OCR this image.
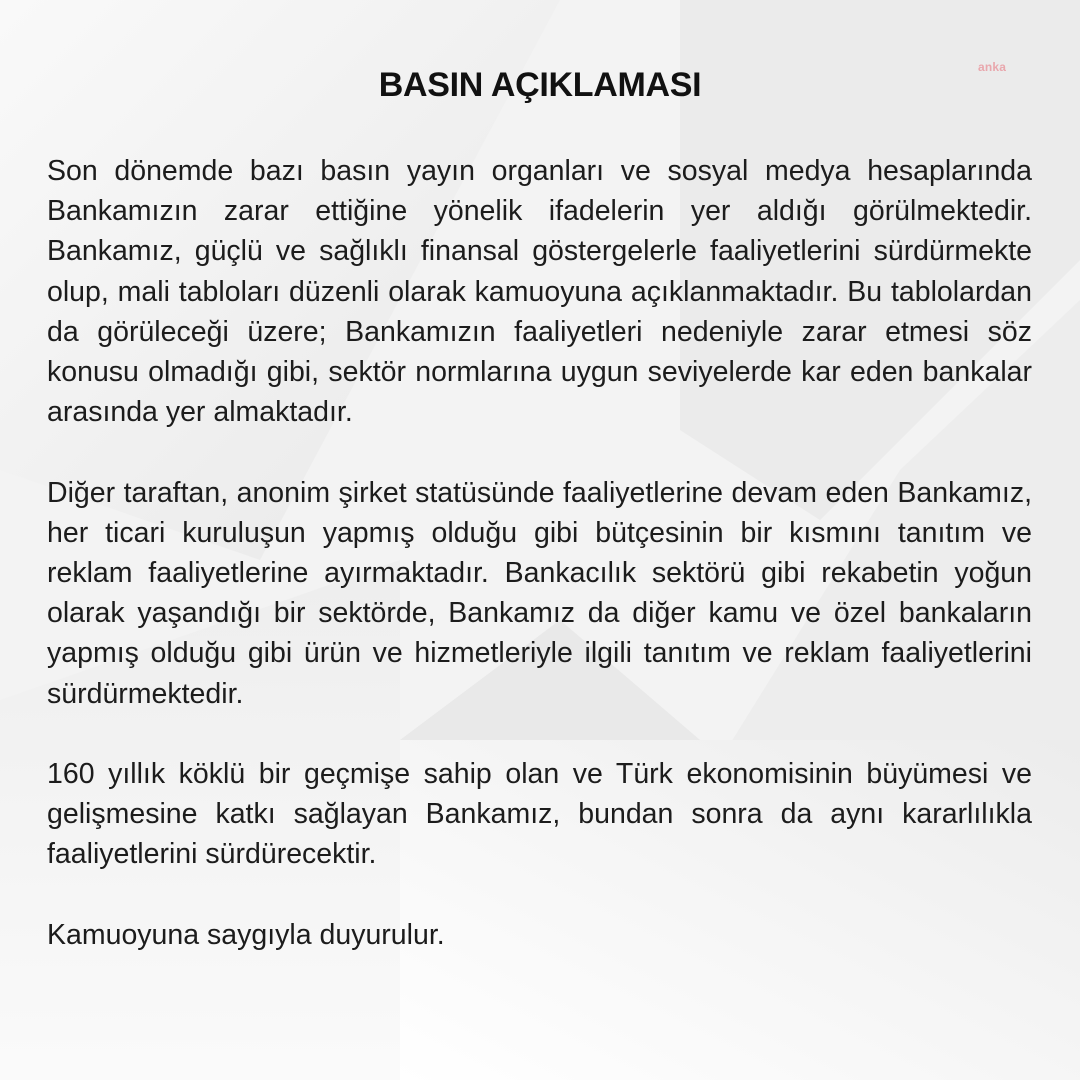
anka
BASIN AÇIKLAMASI

Son dönemde bazı basın yayın organları ve sosyal medya hesaplarında Bankamızın zarar ettiğine yönelik ifadelerin yer aldığı görülmektedir. Bankamız, güçlü ve sağlıklı finansal göstergelerle faaliyetlerini sürdürmekte olup, mali tabloları düzenli olarak kamuoyuna açıklanmaktadır. Bu tablolardan da görüleceği üzere; Bankamızın faaliyetleri nedeniyle zarar etmesi söz konusu olmadığı gibi, sektör normlarına uygun seviyelerde kar eden bankalar arasında yer almaktadır.

Diğer taraftan, anonim şirket statüsünde faaliyetlerine devam eden Bankamız, her ticari kuruluşun yapmış olduğu gibi bütçesinin bir kısmını tanıtım ve reklam faaliyetlerine ayırmaktadır. Bankacılık sektörü gibi rekabetin yoğun olarak yaşandığı bir sektörde, Bankamız da diğer kamu ve özel bankaların yapmış olduğu gibi ürün ve hizmetleriyle ilgili tanıtım ve reklam faaliyetlerini sürdürmektedir.

160 yıllık köklü bir geçmişe sahip olan ve Türk ekonomisinin büyümesi ve gelişmesine katkı sağlayan Bankamız, bundan sonra da aynı kararlılıkla faaliyetlerini sürdürecektir.

Kamuoyuna saygıyla duyurulur.
